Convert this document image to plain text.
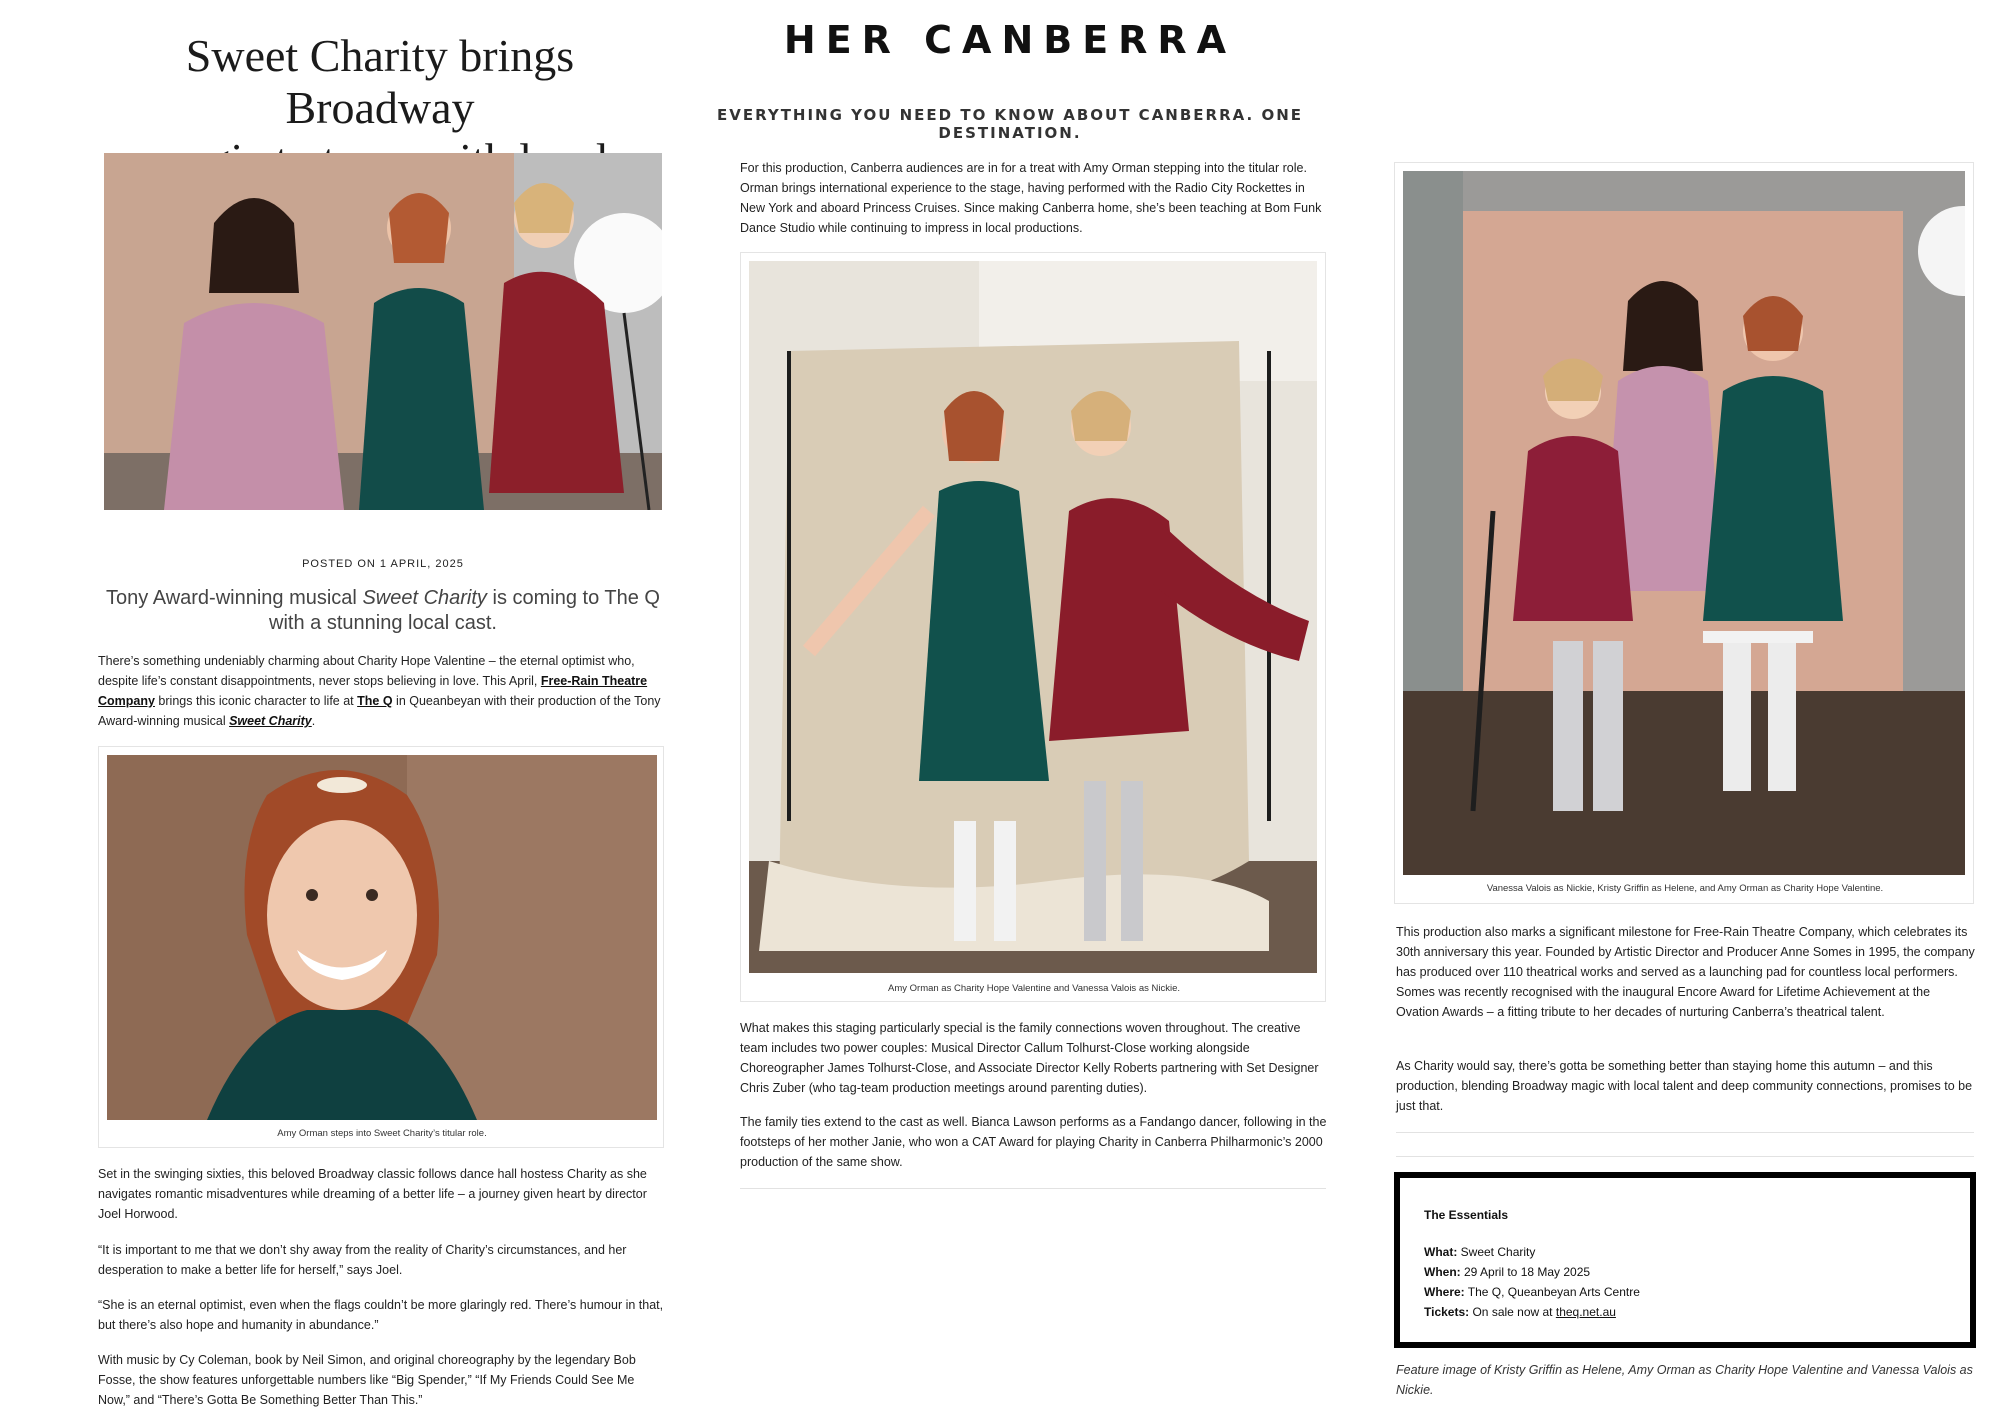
Sweet Charity brings Broadway

POSTED ON 1 APRIL, 2025
Tony Award-winning musical Sweet Charity is coming to The Q
with a stunning local cast.

There’s something undeniably charming about Charity Hope Valentine – the eternal optimist who, despite life’s constant disappointments, never stops believing in love. This April, Free-Rain Theatre Company brings this iconic character to life at The Q in Queanbeyan with their production of the Tony Award-winning musical Sweet Charity.

Amy Orman steps into Sweet Charity’s titular role.

Set in the swinging sixties, this beloved Broadway classic follows dance hall hostess Charity as she navigates romantic misadventures while dreaming of a better life – a journey given heart by director Joel Horwood.

“It is important to me that we don’t shy away from the reality of Charity’s circumstances, and her desperation to make a better life for herself,” says Joel.

“She is an eternal optimist, even when the flags couldn’t be more glaringly red. There’s humour in that, but there’s also hope and humanity in abundance.”

With music by Cy Coleman, book by Neil Simon, and original choreography by the legendary Bob Fosse, the show features unforgettable numbers like “Big Spender,” “If My Friends Could See Me Now,” and “There’s Gotta Be Something Better Than This.”

HER CANBERRA
EVERYTHING YOU NEED TO KNOW ABOUT CANBERRA. ONE DESTINATION.

For this production, Canberra audiences are in for a treat with Amy Orman stepping into the titular role. Orman brings international experience to the stage, having performed with the Radio City Rockettes in New York and aboard Princess Cruises. Since making Canberra home, she’s been teaching at Bom Funk Dance Studio while continuing to impress in local productions.

Amy Orman as Charity Hope Valentine and Vanessa Valois as Nickie.

What makes this staging particularly special is the family connections woven throughout. The creative team includes two power couples: Musical Director Callum Tolhurst-Close working alongside Choreographer James Tolhurst-Close, and Associate Director Kelly Roberts partnering with Set Designer Chris Zuber (who tag-team production meetings around parenting duties).

The family ties extend to the cast as well. Bianca Lawson performs as a Fandango dancer, following in the footsteps of her mother Janie, who won a CAT Award for playing Charity in Canberra Philharmonic’s 2000 production of the same show.

Vanessa Valois as Nickie, Kristy Griffin as Helene, and Amy Orman as Charity Hope Valentine.

This production also marks a significant milestone for Free-Rain Theatre Company, which celebrates its 30th anniversary this year. Founded by Artistic Director and Producer Anne Somes in 1995, the company has produced over 110 theatrical works and served as a launching pad for countless local performers. Somes was recently recognised with the inaugural Encore Award for Lifetime Achievement at the Ovation Awards – a fitting tribute to her decades of nurturing Canberra’s theatrical talent.

As Charity would say, there’s gotta be something better than staying home this autumn – and this production, blending Broadway magic with local talent and deep community connections, promises to be just that.

The Essentials
What: Sweet Charity
When: 29 April to 18 May 2025
Where: The Q, Queanbeyan Arts Centre
Tickets: On sale now at theq.net.au
Feature image of Kristy Griffin as Helene, Amy Orman as Charity Hope Valentine and Vanessa Valois as Nickie.
